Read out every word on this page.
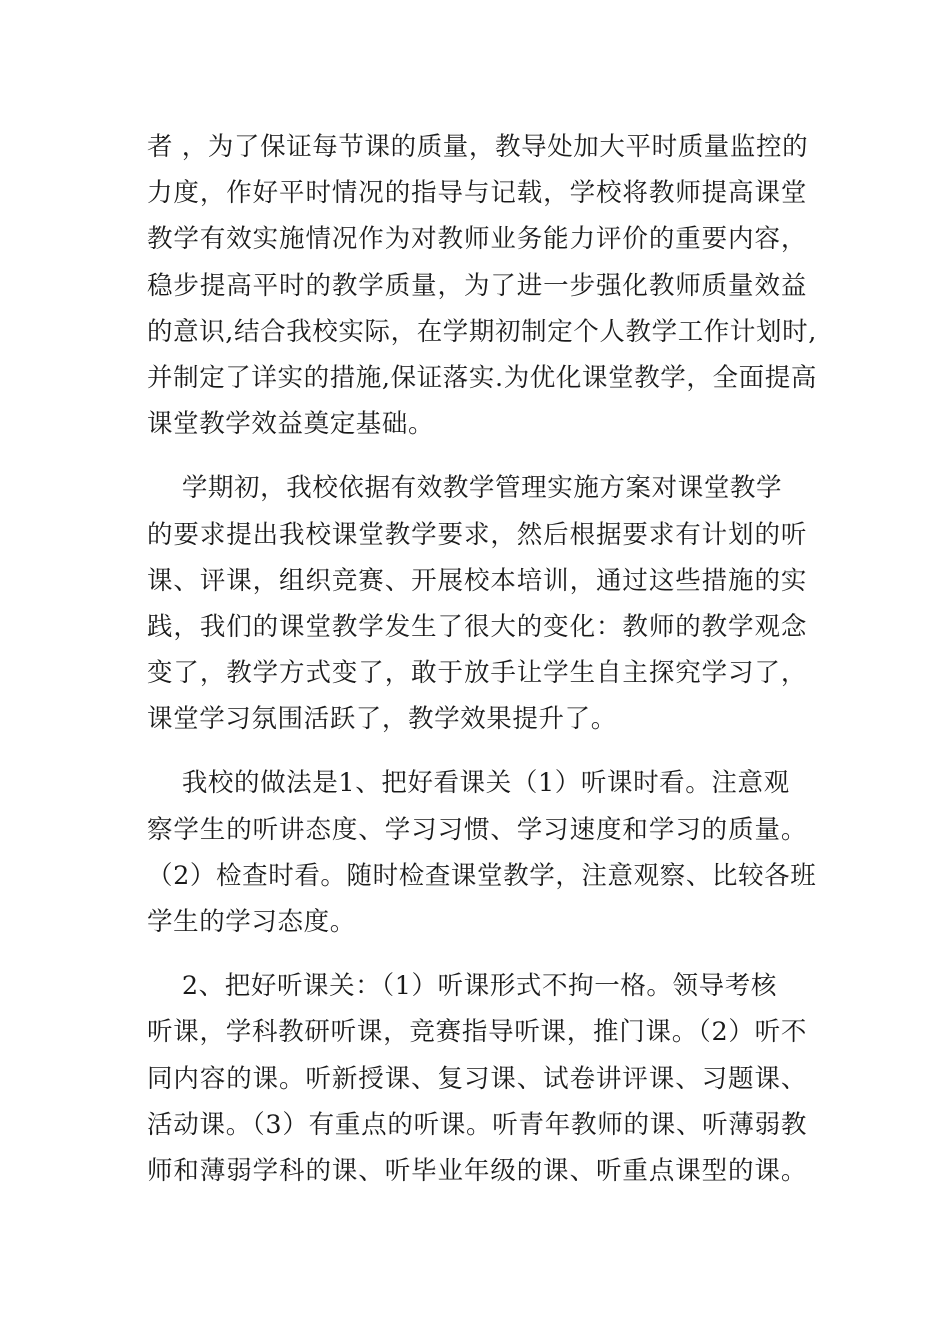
者 ，为了保证每节课的质量，教导处加大平时质量监控的
力度，作好平时情况的指导与记载，学校将教师提高课堂
教学有效实施情况作为对教师业务能力评价的重要内容，
稳步提高平时的教学质量，为了进一步强化教师质量效益
的意识,结合我校实际，在学期初制定个人教学工作计划时,
并制定了详实的措施,保证落实.为优化课堂教学，全面提高
课堂教学效益奠定基础。
学期初，我校依据有效教学管理实施方案对课堂教学
的要求提出我校课堂教学要求，然后根据要求有计划的听
课、评课，组织竞赛、开展校本培训，通过这些措施的实
践，我们的课堂教学发生了很大的变化：教师的教学观念
变了，教学方式变了，敢于放手让学生自主探究学习了，
课堂学习氛围活跃了，教学效果提升了。
我校的做法是1、把好看课关（1）听课时看。注意观
察学生的听讲态度、学习习惯、学习速度和学习的质量。
（2）检查时看。随时检查课堂教学，注意观察、比较各班
学生的学习态度。
2、把好听课关：（1）听课形式不拘一格。领导考核
听课，学科教研听课，竞赛指导听课，推门课。（2）听不
同内容的课。听新授课、复习课、试卷讲评课、习题课、
活动课。（3）有重点的听课。听青年教师的课、听薄弱教
师和薄弱学科的课、听毕业年级的课、听重点课型的课。
